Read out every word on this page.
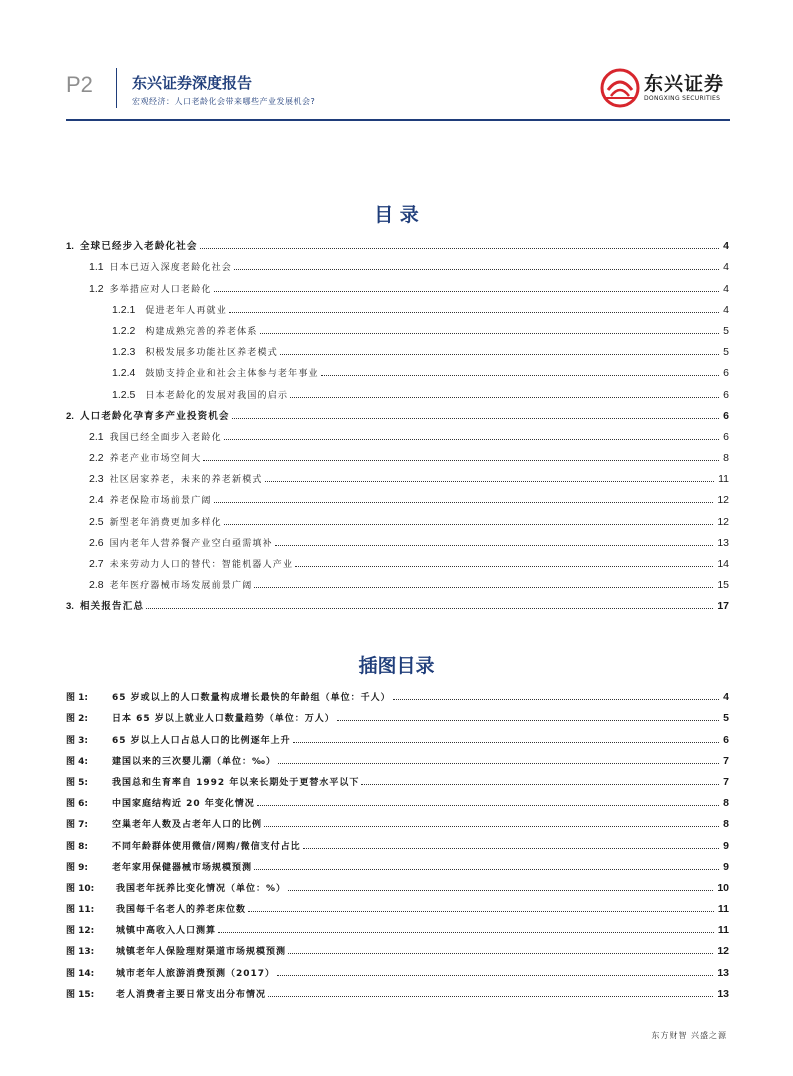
P2	东兴证券深度报告
宏观经济：人口老龄化会带来哪些产业发展机会?
东兴证券
DONGXING SECURITIES
目 录
1. 全球已经步入老龄化社会	4
1.1 日本已迈入深度老龄化社会	4
1.2 多举措应对人口老龄化	4
1.2.1 促进老年人再就业	4
1.2.2 构建成熟完善的养老体系	5
1.2.3 积极发展多功能社区养老模式	5
1.2.4 鼓励支持企业和社会主体参与老年事业	6
1.2.5 日本老龄化的发展对我国的启示	6
2. 人口老龄化孕育多产业投资机会	6
2.1 我国已经全面步入老龄化	6
2.2 养老产业市场空间大	8
2.3 社区居家养老，未来的养老新模式	11
2.4 养老保险市场前景广阔	12
2.5 新型老年消费更加多样化	12
2.6 国内老年人营养餐产业空白亟需填补	13
2.7 未来劳动力人口的替代：智能机器人产业	14
2.8 老年医疗器械市场发展前景广阔	15
3. 相关报告汇总	17
插图目录
图 1:	65 岁或以上的人口数量构成增长最快的年龄组（单位：千人）	4
图 2:	日本 65 岁以上就业人口数量趋势（单位：万人）	5
图 3:	65 岁以上人口占总人口的比例逐年上升	6
图 4:	建国以来的三次婴儿潮（单位：‰）	7
图 5:	我国总和生育率自 1992 年以来长期处于更替水平以下	7
图 6:	中国家庭结构近 20 年变化情况	8
图 7:	空巢老年人数及占老年人口的比例	8
图 8:	不同年龄群体使用微信/网购/微信支付占比	9
图 9:	老年家用保健器械市场规模预测	9
图 10:	我国老年抚养比变化情况（单位：%）	10
图 11:	我国每千名老人的养老床位数	11
图 12:	城镇中高收入人口测算	11
图 13:	城镇老年人保险理财渠道市场规模预测	12
图 14:	城市老年人旅游消费预测（2017）	13
图 15:	老人消费者主要日常支出分布情况	13
东方财智 兴盛之源
